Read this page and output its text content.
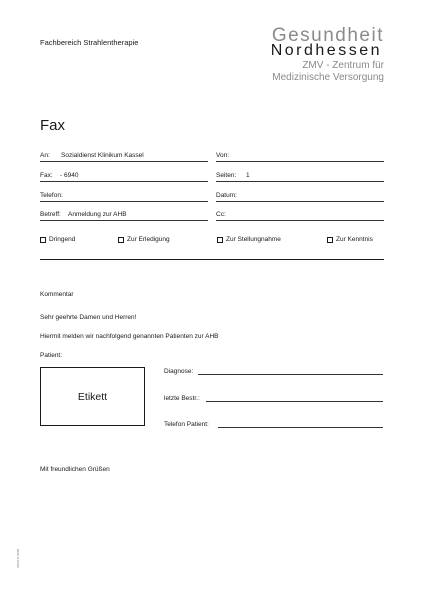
Fachbereich Strahlentherapie	Gesundheit
Nordhessen
ZMV - Zentrum für
Medizinische Versorgung
Fax
An: Sozialdienst Klinikum Kassel	Von:
Fax: - 6940	Seiten: 1
Telefon:	Datum:
Betreff: Anmeldung zur AHB	Cc:
Dringend	Zur Erledigung	Zur Stellungnahme	Zur Kenntnis
Kommentar
Sehr geehrte Damen und Herren!
Hiermit melden wir nachfolgend genannten Patienten zur AHB
Patient:
Etikett
Diagnose:
letzte Bestr.:
Telefon Patient:
Mit freundlichen Grüßen
SN/STR 01/05
